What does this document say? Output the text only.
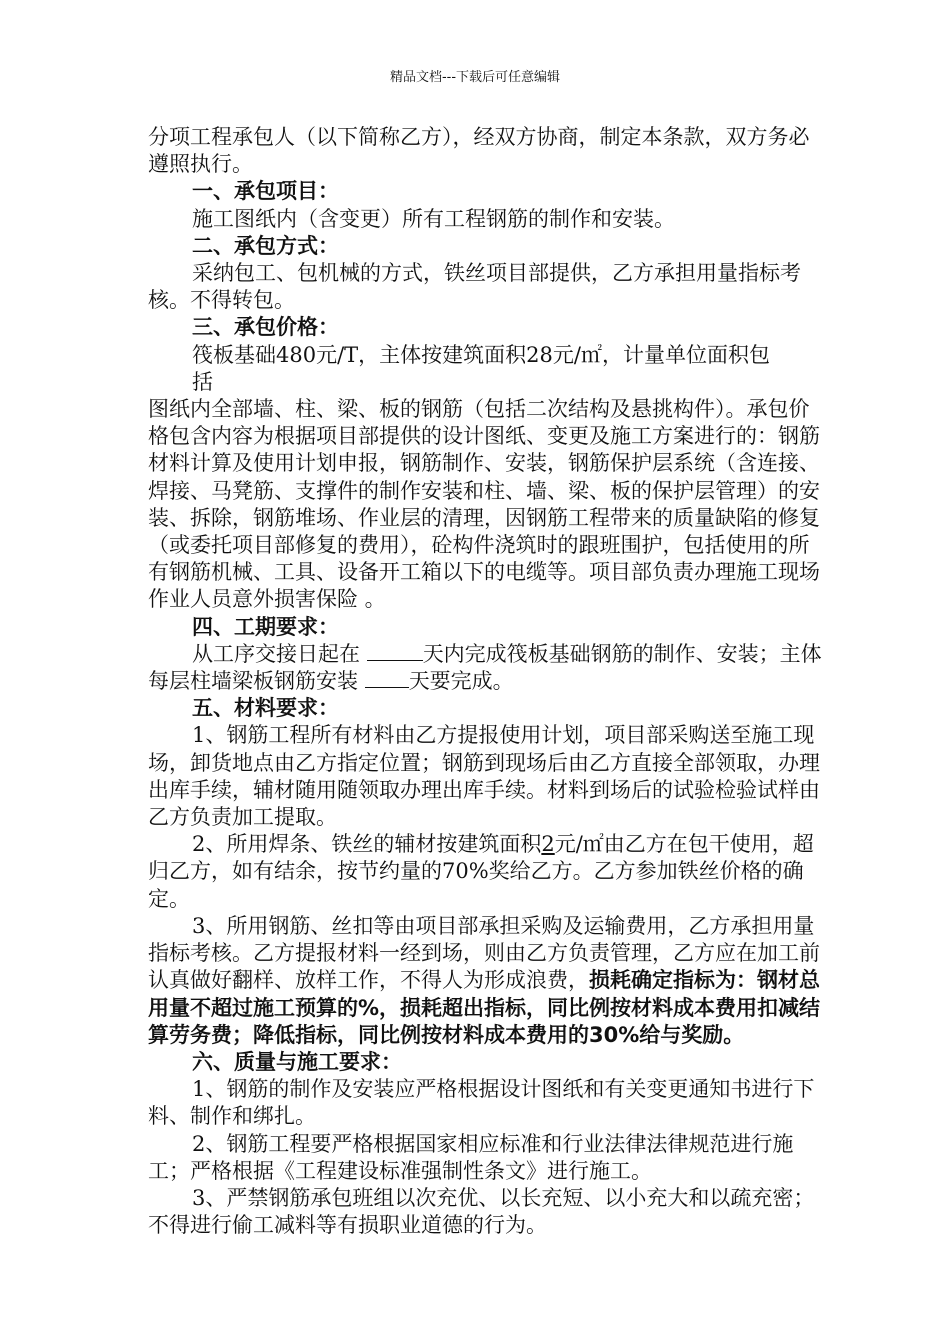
精品文档---下载后可任意编辑

分项工程承包人（以下简称乙方），经双方协商，制定本条款，双方务必遵照执行。

一、承包项目：

施工图纸内（含变更）所有工程钢筋的制作和安装。

二、承包方式：

采纳包工、包机械的方式，铁丝项目部提供，乙方承担用量指标考核。不得转包。

三、承包价格：

筏板基础480元/T，主体按建筑面积28元/㎡，计量单位面积包括

图纸内全部墙、柱、梁、板的钢筋（包括二次结构及悬挑构件）。承包价格包含内容为根据项目部提供的设计图纸、变更及施工方案进行的：钢筋材料计算及使用计划申报，钢筋制作、安装，钢筋保护层系统（含连接、焊接、马凳筋、支撑件的制作安装和柱、墙、梁、板的保护层管理）的安装、拆除，钢筋堆场、作业层的清理，因钢筋工程带来的质量缺陷的修复（或委托项目部修复的费用），砼构件浇筑时的跟班围护，包括使用的所有钢筋机械、工具、设备开工箱以下的电缆等。项目部负责办理施工现场作业人员意外损害保险 。

四、工期要求：

从工序交接日起在	天内完成筏板基础钢筋的制作、安装；主体每层柱墙梁板钢筋安装 天要完成。

五、材料要求：

1、钢筋工程所有材料由乙方提报使用计划，项目部采购送至施工现场，卸货地点由乙方指定位置；钢筋到现场后由乙方直接全部领取，办理出库手续，辅材随用随领取办理出库手续。材料到场后的试验检验试样由乙方负责加工提取。

2、所用焊条、铁丝的辅材按建筑面积2元/㎡由乙方在包干使用，超归乙方，如有结余，按节约量的70%奖给乙方。乙方参加铁丝价格的确定。

3、所用钢筋、丝扣等由项目部承担采购及运输费用，乙方承担用量指标考核。乙方提报材料一经到场，则由乙方负责管理，乙方应在加工前认真做好翻样、放样工作，不得人为形成浪费，损耗确定指标为：钢材总用量不超过施工预算的%，损耗超出指标，同比例按材料成本费用扣减结算劳务费；降低指标，同比例按材料成本费用的30%给与奖励。

六、质量与施工要求：

1、钢筋的制作及安装应严格根据设计图纸和有关变更通知书进行下料、制作和绑扎。

2、钢筋工程要严格根据国家相应标准和行业法律法律规范进行施工；严格根据《工程建设标准强制性条文》进行施工。

3、严禁钢筋承包班组以次充优、以长充短、以小充大和以疏充密；不得进行偷工减料等有损职业道德的行为。
